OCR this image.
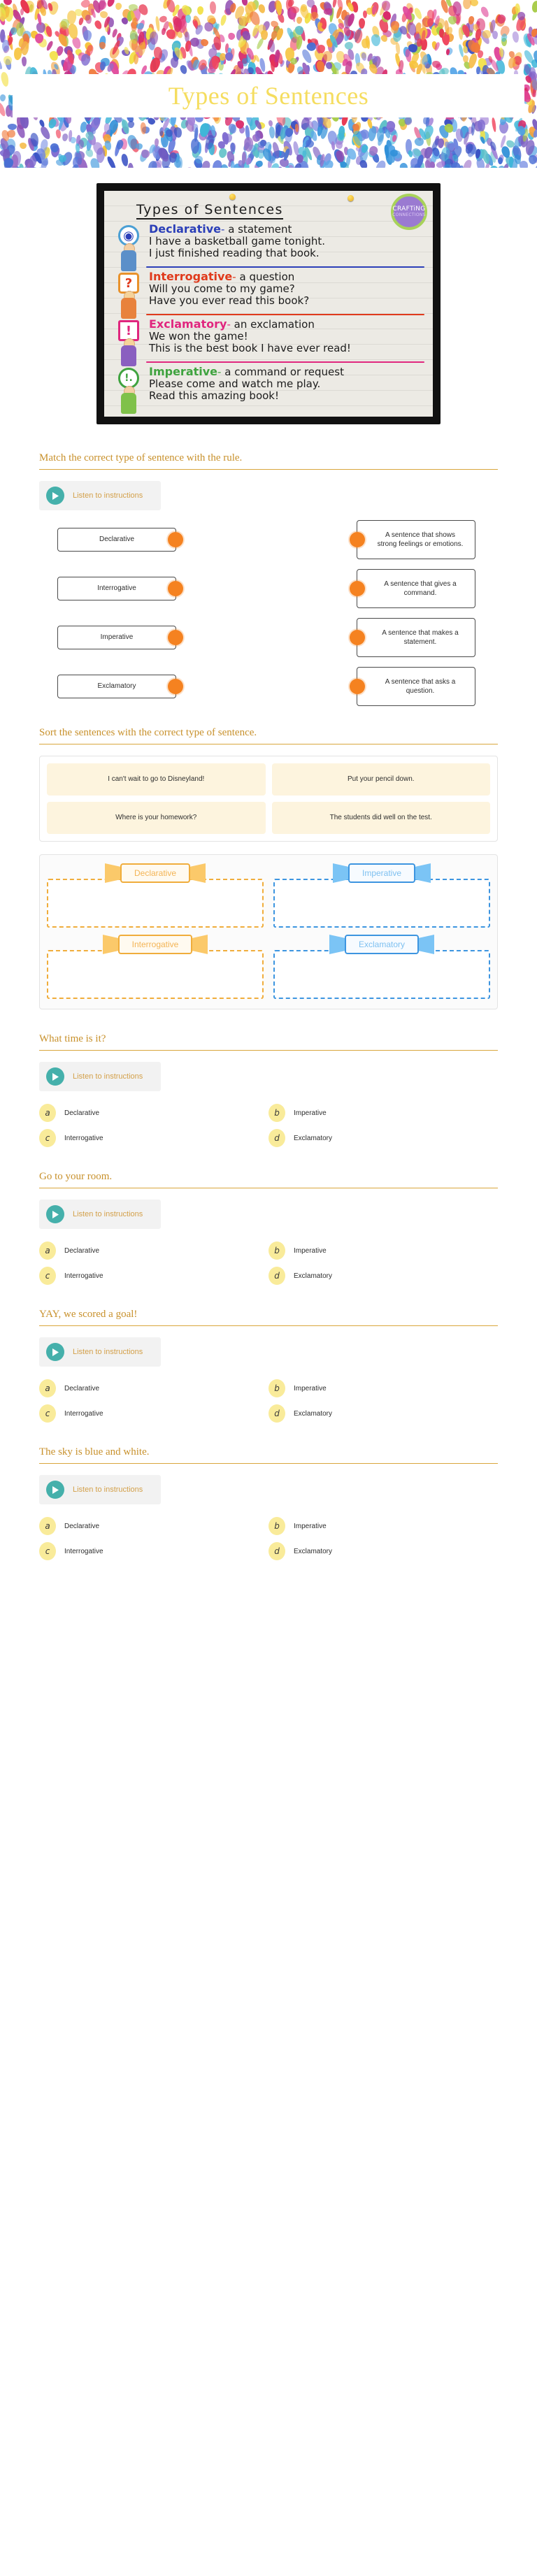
Types of Sentences
CRAFTiNG
CONNECTIONS
Types of Sentences
◉	Declarative- a statement
I have a basketball game tonight.
I just finished reading that book.
?	Interrogative- a question
Will you come to my game?
Have you ever read this book?
!	Exclamatory- an exclamation
We won the game!
This is the best book I have ever read!
!.	Imperative- a command or request
Please come and watch me play.
Read this amazing book!
Match the correct type of sentence with the rule.
Listen to instructions
Declarative
A sentence that shows strong feelings or emotions.
Interrogative
A sentence that gives a command.
Imperative
A sentence that makes a statement.
Exclamatory
A sentence that asks a question.
Sort the sentences with the correct type of sentence.
I can't wait to go to Disneyland!	Put your pencil down.
Where is your homework?	The students did well on the test.
Declarative	Imperative
Interrogative	Exclamatory
What time is it?
Listen to instructions
a	Declarative	b	Imperative
c	Interrogative	d	Exclamatory
Go to your room.
Listen to instructions
a	Declarative	b	Imperative
c	Interrogative	d	Exclamatory
YAY, we scored a goal!
Listen to instructions
a	Declarative	b	Imperative
c	Interrogative	d	Exclamatory
The sky is blue and white.
Listen to instructions
a	Declarative	b	Imperative
c	Interrogative	d	Exclamatory
